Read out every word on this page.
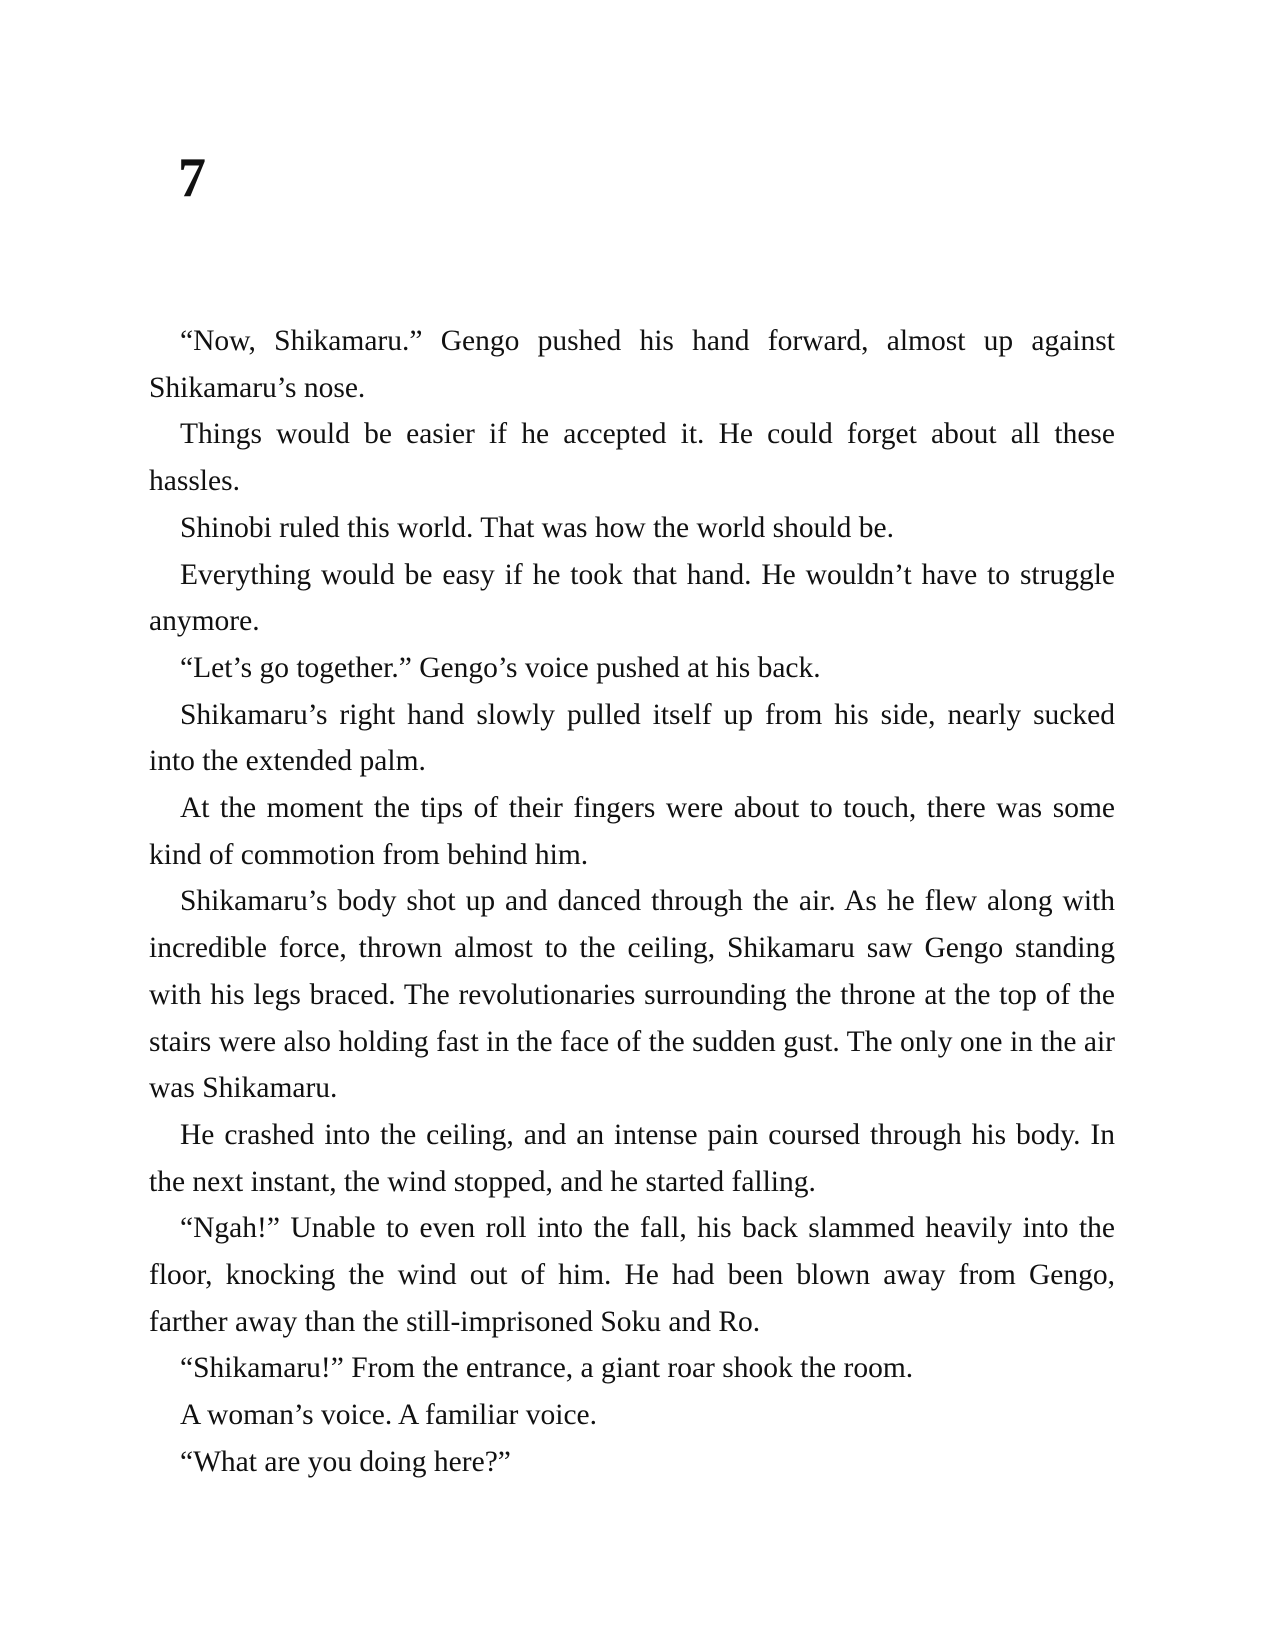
7

“Now, Shikamaru.” Gengo pushed his hand forward, almost up against Shikamaru’s nose.

Things would be easier if he accepted it. He could forget about all these hassles.

Shinobi ruled this world. That was how the world should be.

Everything would be easy if he took that hand. He wouldn’t have to struggle anymore.

“Let’s go together.” Gengo’s voice pushed at his back.

Shikamaru’s right hand slowly pulled itself up from his side, nearly sucked into the extended palm.

At the moment the tips of their fingers were about to touch, there was some kind of commotion from behind him.

Shikamaru’s body shot up and danced through the air. As he flew along with incredible force, thrown almost to the ceiling, Shikamaru saw Gengo standing with his legs braced. The revolutionaries surrounding the throne at the top of the stairs were also holding fast in the face of the sudden gust. The only one in the air was Shikamaru.

He crashed into the ceiling, and an intense pain coursed through his body. In the next instant, the wind stopped, and he started falling.

“Ngah!” Unable to even roll into the fall, his back slammed heavily into the floor, knocking the wind out of him. He had been blown away from Gengo, farther away than the still-imprisoned Soku and Ro.

“Shikamaru!” From the entrance, a giant roar shook the room.

A woman’s voice. A familiar voice.

“What are you doing here?”
